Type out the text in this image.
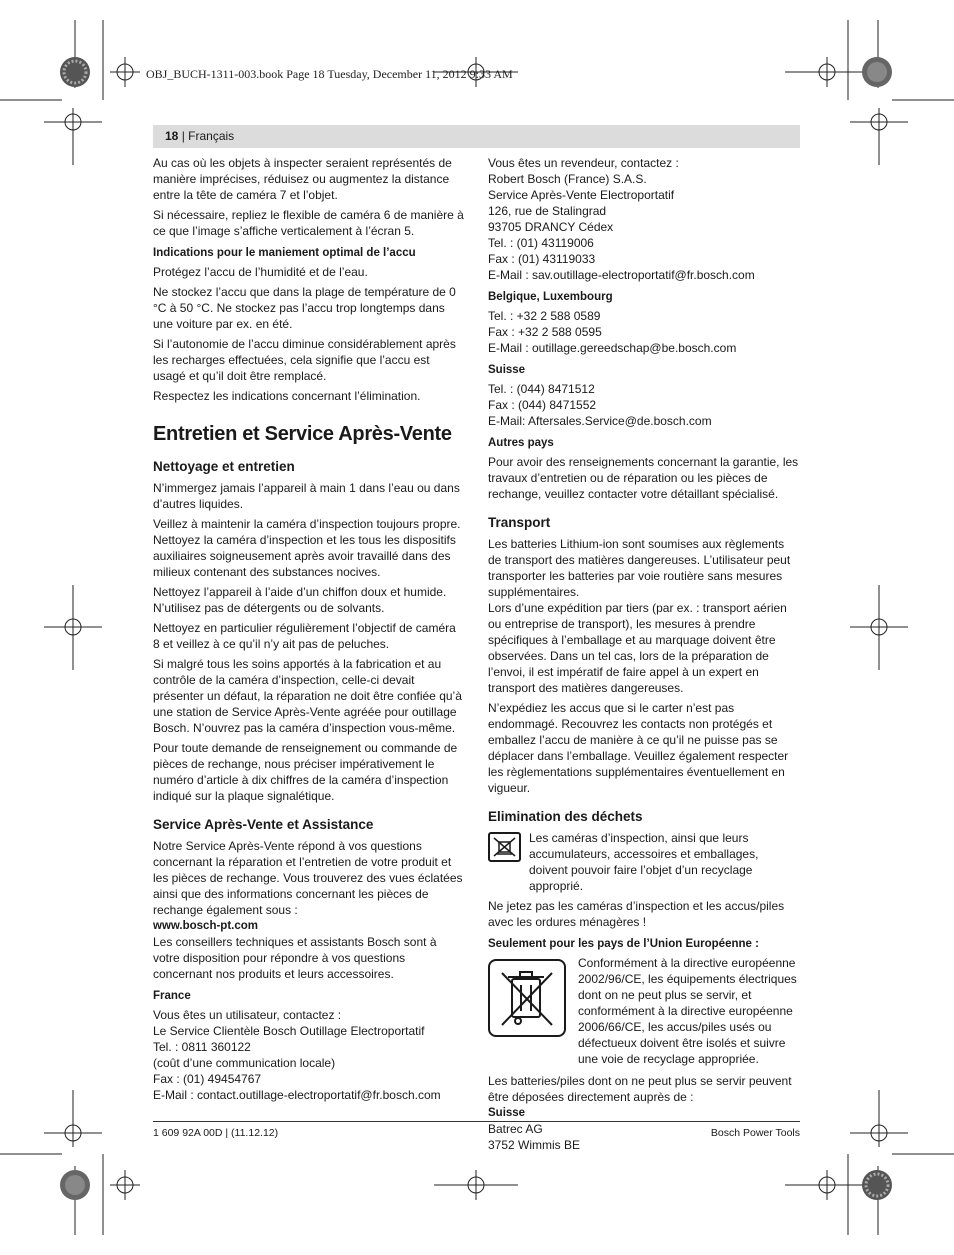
OBJ_BUCH-1311-003.book Page 18 Tuesday, December 11, 2012 9:33 AM
18 | Français

Au cas où les objets à inspecter seraient représentés de manière imprécises, réduisez ou augmentez la distance entre la tête de caméra 7 et l’objet.

Si nécessaire, repliez le flexible de caméra 6 de manière à ce que l’image s’affiche verticalement à l’écran 5.

Indications pour le maniement optimal de l’accu

Protégez l’accu de l’humidité et de l’eau.

Ne stockez l’accu que dans la plage de température de 0 °C à 50 °C. Ne stockez pas l’accu trop longtemps dans une voiture par ex. en été.

Si l’autonomie de l’accu diminue considérablement après les recharges effectuées, cela signifie que l’accu est usagé et qu’il doit être remplacé.

Respectez les indications concernant l’élimination.

Entretien et Service Après-Vente
Nettoyage et entretien

N’immergez jamais l’appareil à main 1 dans l’eau ou dans d’autres liquides.

Veillez à maintenir la caméra d’inspection toujours propre. Nettoyez la caméra d’inspection et les tous les dispositifs auxiliaires soigneusement après avoir travaillé dans des milieux contenant des substances nocives.

Nettoyez l’appareil à l’aide d’un chiffon doux et humide. N’utilisez pas de détergents ou de solvants.

Nettoyez en particulier régulièrement l’objectif de caméra 8 et veillez à ce qu’il n’y ait pas de peluches.

Si malgré tous les soins apportés à la fabrication et au contrôle de la caméra d’inspection, celle-ci devait présenter un défaut, la réparation ne doit être confiée qu’à une station de Service Après-Vente agréée pour outillage Bosch. N’ouvrez pas la caméra d’inspection vous-même.

Pour toute demande de renseignement ou commande de pièces de rechange, nous préciser impérativement le numéro d’article à dix chiffres de la caméra d’inspection indiqué sur la plaque signalétique.

Service Après-Vente et Assistance

Notre Service Après-Vente répond à vos questions concernant la réparation et l’entretien de votre produit et les pièces de rechange. Vous trouverez des vues éclatées ainsi que des informations concernant les pièces de rechange également sous :

www.bosch-pt.com

Les conseillers techniques et assistants Bosch sont à votre disposition pour répondre à vos questions concernant nos produits et leurs accessoires.

France
Vous êtes un utilisateur, contactez :
Le Service Clientèle Bosch Outillage Electroportatif
Tel. : 0811 360122
(coût d’une communication locale)
Fax : (01) 49454767
E-Mail : contact.outillage-electroportatif@fr.bosch.com
Vous êtes un revendeur, contactez :
Robert Bosch (France) S.A.S.
Service Après-Vente Electroportatif
126, rue de Stalingrad
93705 DRANCY Cédex
Tel. : (01) 43119006
Fax : (01) 43119033
E-Mail : sav.outillage-electroportatif@fr.bosch.com
Belgique, Luxembourg
Tel. : +32 2 588 0589
Fax : +32 2 588 0595
E-Mail : outillage.gereedschap@be.bosch.com
Suisse
Tel. : (044) 8471512
Fax : (044) 8471552
E-Mail: Aftersales.Service@de.bosch.com
Autres pays

Pour avoir des renseignements concernant la garantie, les travaux d’entretien ou de réparation ou les pièces de rechange, veuillez contacter votre détaillant spécialisé.

Transport

Les batteries Lithium-ion sont soumises aux règlements de transport des matières dangereuses. L’utilisateur peut transporter les batteries par voie routière sans mesures supplémentaires.

Lors d’une expédition par tiers (par ex. : transport aérien ou entreprise de transport), les mesures à prendre spécifiques à l’emballage et au marquage doivent être observées. Dans un tel cas, lors de la préparation de l’envoi, il est impératif de faire appel à un expert en transport des matières dangereuses.

N’expédiez les accus que si le carter n’est pas endommagé. Recouvrez les contacts non protégés et emballez l’accu de manière à ce qu’il ne puisse pas se déplacer dans l’emballage. Veuillez également respecter les règlementations supplémentaires éventuellement en vigueur.

Elimination des déchets

Les caméras d’inspection, ainsi que leurs accumulateurs, accessoires et emballages, doivent pouvoir faire l’objet d’un recyclage approprié.

Ne jetez pas les caméras d’inspection et les accus/piles avec les ordures ménagères !

Seulement pour les pays de l’Union Européenne :

Conformément à la directive européenne 2002/96/CE, les équipements électriques dont on ne peut plus se servir, et conformément à la directive européenne 2006/66/CE, les accus/piles usés ou défectueux doivent être isolés et suivre une voie de recyclage appropriée.

Les batteries/piles dont on ne peut plus se servir peuvent être déposées directement auprès de :

Suisse
Batrec AG
3752 Wimmis BE
1 609 92A 00D | (11.12.12)	Bosch Power Tools
